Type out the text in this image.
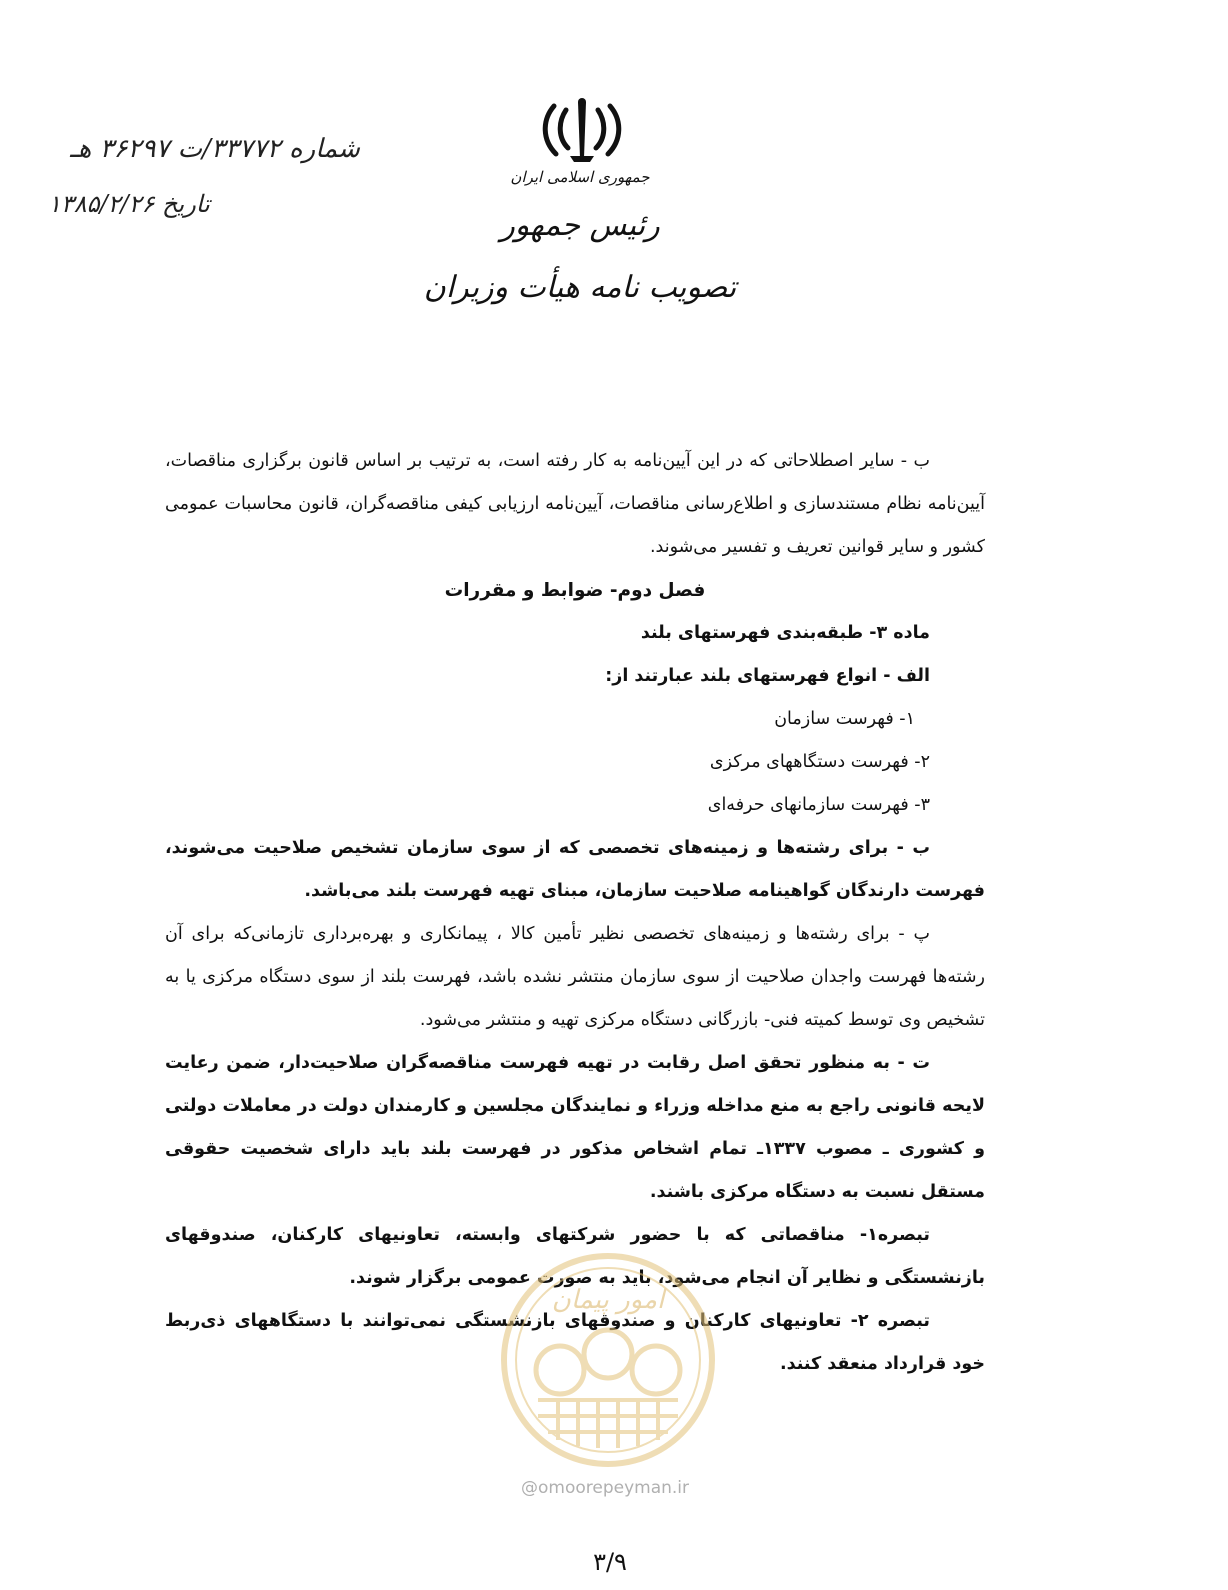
جمهوری اسلامی ایران
رئیس جمهور
تصویب نامه هیأت وزیران
شماره ۳۳۷۷۲/ت ۳۶۲۹۷ هـ
تاریخ ۱۳۸۵/۲/۲۶

ب - سایر اصطلاحاتی که در این آیین‌نامه به کار رفته است، به ترتیب بر اساس قانون برگزاری مناقصات، آیین‌نامه نظام مستندسازی و اطلاع‌رسانی مناقصات، آیین‌نامه ارزیابی کیفی مناقصه‌گران، قانون محاسبات عمومی کشور و سایر قوانین تعریف و تفسیر می‌شوند.

فصل دوم- ضوابط و مقررات

ماده ۳- طبقه‌بندی فهرستهای بلند

الف - انواع فهرستهای بلند عبارتند از:

۱- فهرست سازمان

۲- فهرست دستگاههای مرکزی

۳- فهرست سازمانهای حرفه‌ای

ب - برای رشته‌ها و زمینه‌های تخصصی که از سوی سازمان تشخیص صلاحیت می‌شوند، فهرست دارندگان گواهینامه صلاحیت سازمان، مبنای تهیه فهرست بلند می‌باشد.

پ - برای رشته‌ها و زمینه‌های تخصصی نظیر تأمین کالا ، پیمانکاری و بهره‌برداری تازمانی‌که برای آن رشته‌ها فهرست واجدان صلاحیت از سوی سازمان منتشر نشده باشد، فهرست بلند از سوی دستگاه مرکزی یا به تشخیص وی توسط کمیته فنی- بازرگانی دستگاه مرکزی تهیه و منتشر می‌شود.

ت - به منظور تحقق اصل رقابت در تهیه فهرست مناقصه‌گران صلاحیت‌دار، ضمن رعایت لایحه قانونی راجع به منع مداخله وزراء و نمایندگان مجلسین و کارمندان دولت در معاملات دولتی و کشوری ـ مصوب ۱۳۳۷ـ تمام اشخاص مذکور در فهرست بلند باید دارای شخصیت حقوقی مستقل نسبت به دستگاه مرکزی باشند.

تبصره۱- مناقصاتی که با حضور شرکتهای وابسته، تعاونیهای کارکنان، صندوقهای بازنشستگی و نظایر آن انجام می‌شود، باید به صورت عمومی برگزار شوند.

تبصره ۲- تعاونیهای کارکنان و صندوقهای بازنشستگی نمی‌توانند با دستگاههای ذی‌ربط خود قرارداد منعقد کنند.

امور پیمان
@omoorepeyman.ir
۳/۹
